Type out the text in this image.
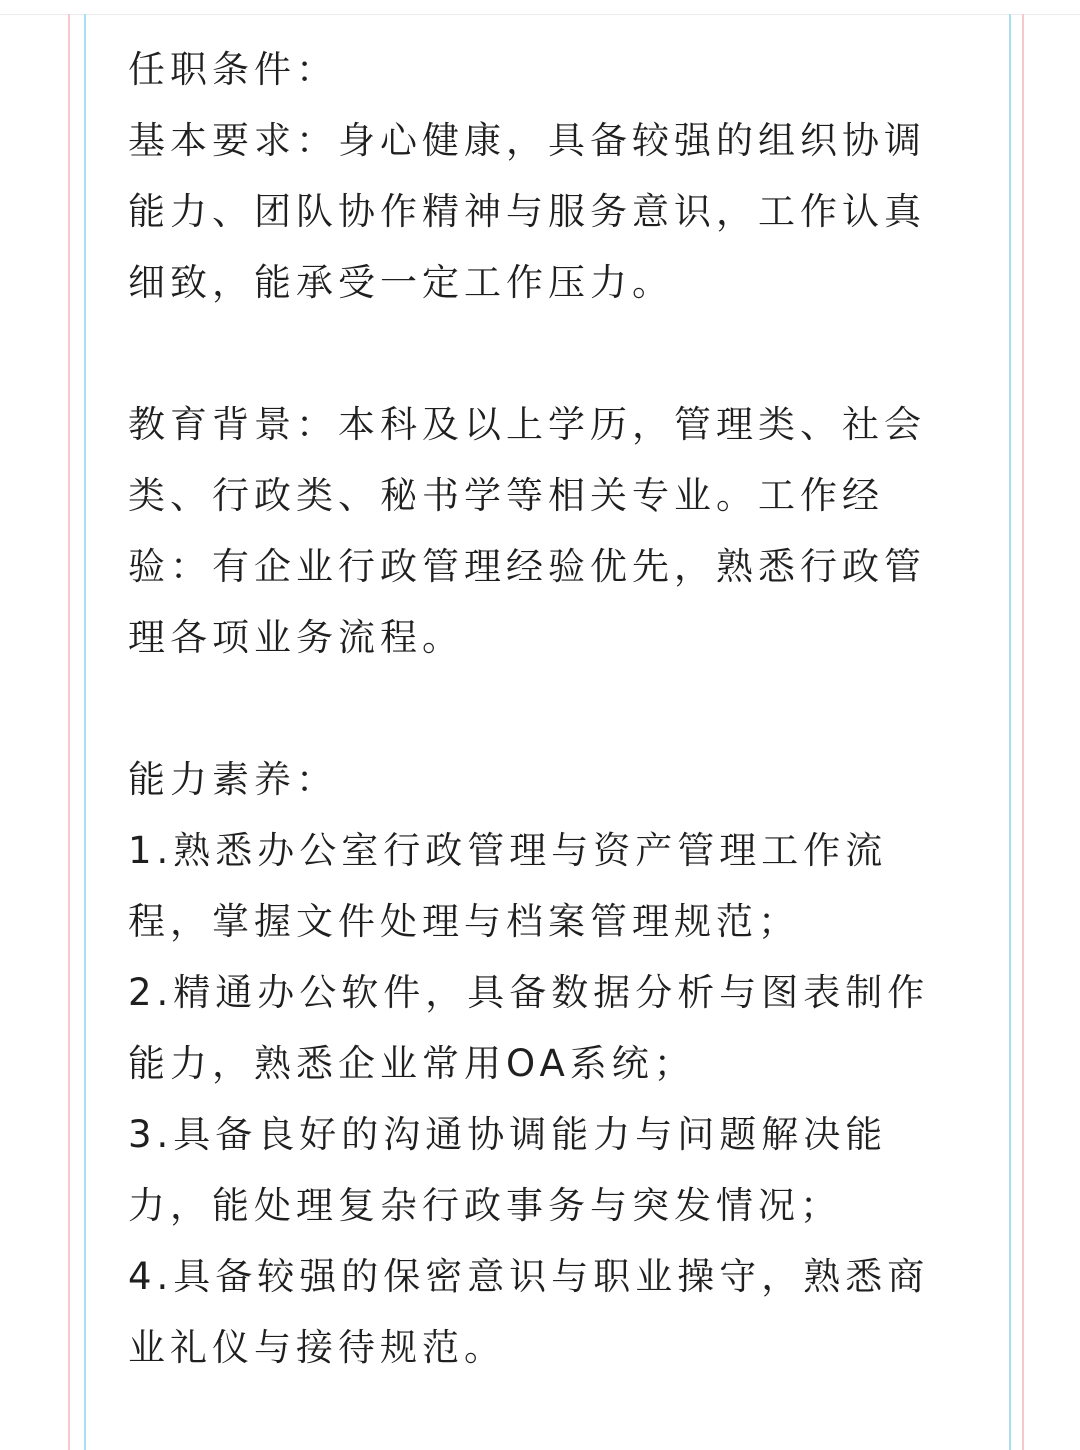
任职条件：

基本要求：身心健康，具备较强的组织协调

能力、团队协作精神与服务意识，工作认真

细致，能承受一定工作压力。

教育背景：本科及以上学历，管理类、社会

类、行政类、秘书学等相关专业。工作经

验：有企业行政管理经验优先，熟悉行政管

理各项业务流程。

能力素养：

1.熟悉办公室行政管理与资产管理工作流

程，掌握文件处理与档案管理规范；

2.精通办公软件，具备数据分析与图表制作

能力，熟悉企业常用OA系统；

3.具备良好的沟通协调能力与问题解决能

力，能处理复杂行政事务与突发情况；

4.具备较强的保密意识与职业操守，熟悉商

业礼仪与接待规范。
